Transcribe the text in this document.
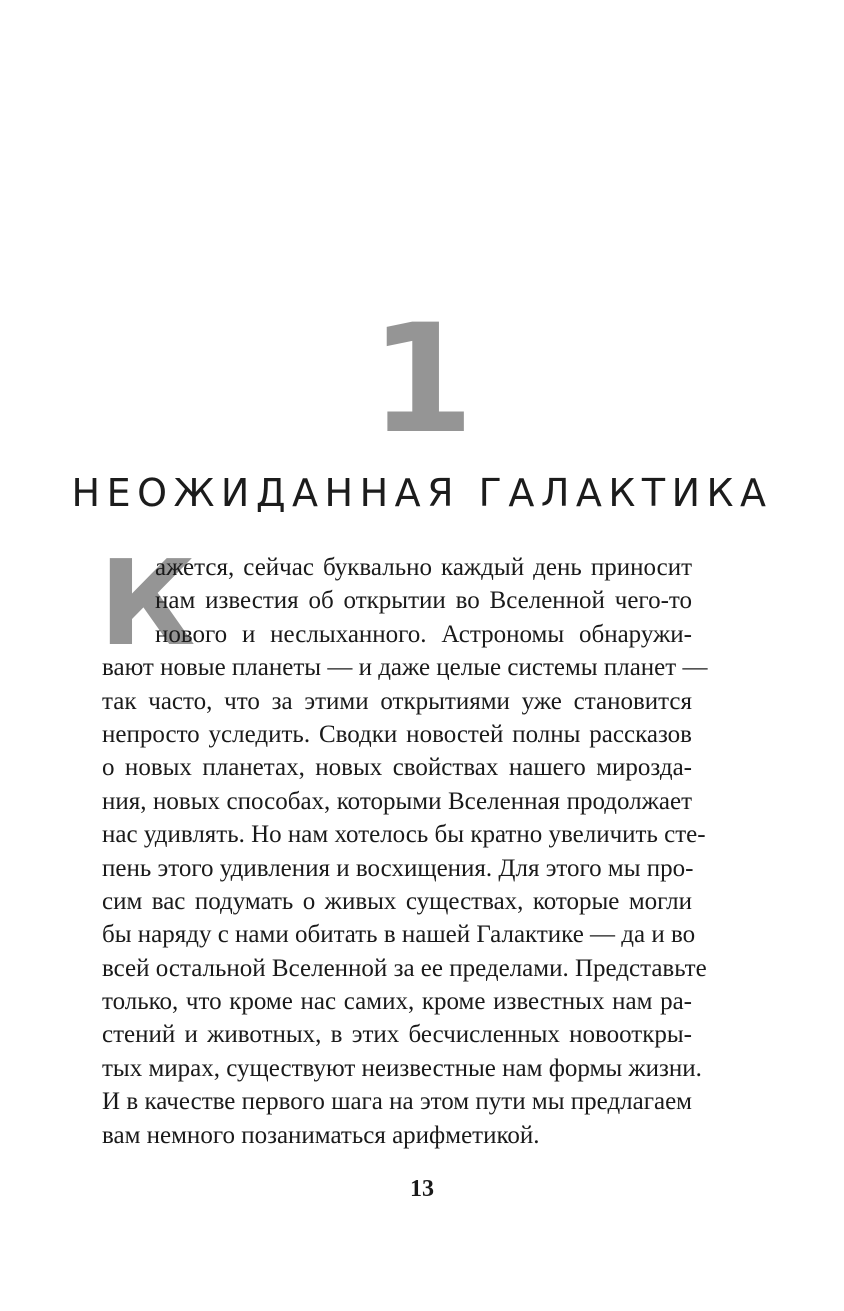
1
НЕОЖИДАННАЯ ГАЛАКТИКА
К
ажется, сейчас буквально каждый день приносит
нам известия об открытии во Вселенной чего-то
нового и неслыханного. Астрономы обнаружи-
вают новые планеты — и даже целые системы планет —
так часто, что за этими открытиями уже становится
непросто уследить. Сводки новостей полны рассказов
о новых планетах, новых свойствах нашего мирозда-
ния, новых способах, которыми Вселенная продолжает
нас удивлять. Но нам хотелось бы кратно увеличить сте-
пень этого удивления и восхищения. Для этого мы про-
сим вас подумать о живых существах, которые могли
бы наряду с нами обитать в нашей Галактике — да и во
всей остальной Вселенной за ее пределами. Представьте
только, что кроме нас самих, кроме известных нам ра-
стений и животных, в этих бесчисленных новооткры-
тых мирах, существуют неизвестные нам формы жизни.
И в качестве первого шага на этом пути мы предлагаем
вам немного позаниматься арифметикой.
13
